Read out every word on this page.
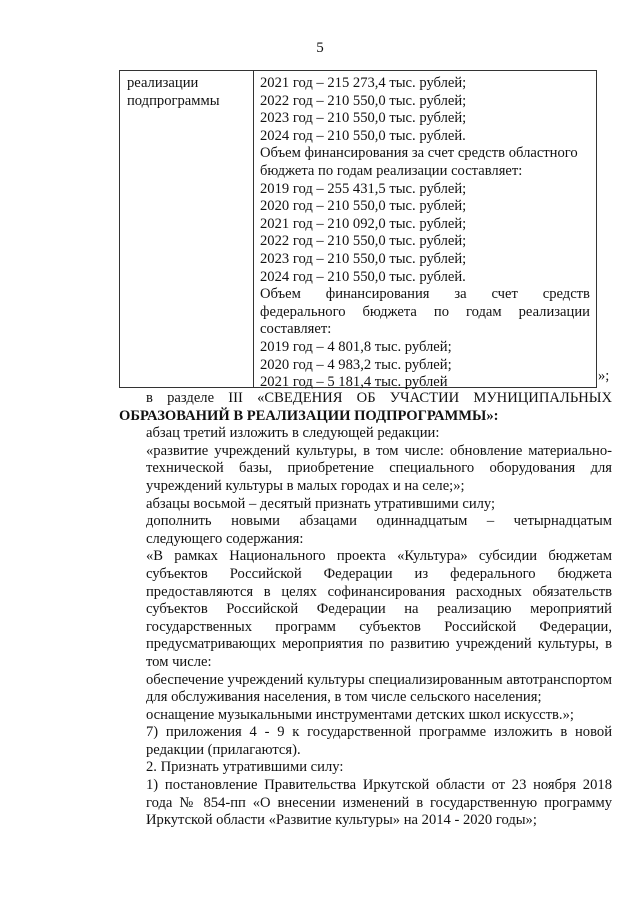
5
реализации
подпрограммы
2021 год – 215 273,4 тыс. рублей;
2022 год – 210 550,0 тыс. рублей;
2023 год – 210 550,0 тыс. рублей;
2024 год – 210 550,0 тыс. рублей.
Объем финансирования за счет средств областного
бюджета по годам реализации составляет:
2019 год – 255 431,5 тыс. рублей;
2020 год – 210 550,0 тыс. рублей;
2021 год – 210 092,0 тыс. рублей;
2022 год – 210 550,0 тыс. рублей;
2023 год – 210 550,0 тыс. рублей;
2024 год – 210 550,0 тыс. рублей.
Объем финансирования за счет средств
федерального бюджета по годам реализации
составляет:
2019 год – 4 801,8 тыс. рублей;
2020 год – 4 983,2 тыс. рублей;
2021 год – 5 181,4 тыс. рублей	»;
в разделе III «СВЕДЕНИЯ ОБ УЧАСТИИ МУНИЦИПАЛЬНЫХ
ОБРАЗОВАНИЙ В РЕАЛИЗАЦИИ ПОДПРОГРАММЫ»:
абзац третий изложить в следующей редакции:
«развитие учреждений культуры, в том числе: обновление материально-технической базы, приобретение специального оборудования для учреждений культуры в малых городах и на селе;»;
абзацы восьмой – десятый признать утратившими силу;
дополнить новыми абзацами одиннадцатым – четырнадцатым следующего содержания:
«В рамках Национального проекта «Культура» субсидии бюджетам субъектов Российской Федерации из федерального бюджета предоставляются в целях софинансирования расходных обязательств субъектов Российской Федерации на реализацию мероприятий государственных программ субъектов Российской Федерации, предусматривающих мероприятия по развитию учреждений культуры, в том числе:
обеспечение учреждений культуры специализированным автотранспортом для обслуживания населения, в том числе сельского населения;
оснащение музыкальными инструментами детских школ искусств.»;
7) приложения 4 - 9 к государственной программе изложить в новой редакции (прилагаются).
2. Признать утратившими силу:
1) постановление Правительства Иркутской области от 23 ноября 2018 года № 854-пп «О внесении изменений в государственную программу Иркутской области «Развитие культуры» на 2014 - 2020 годы»;
